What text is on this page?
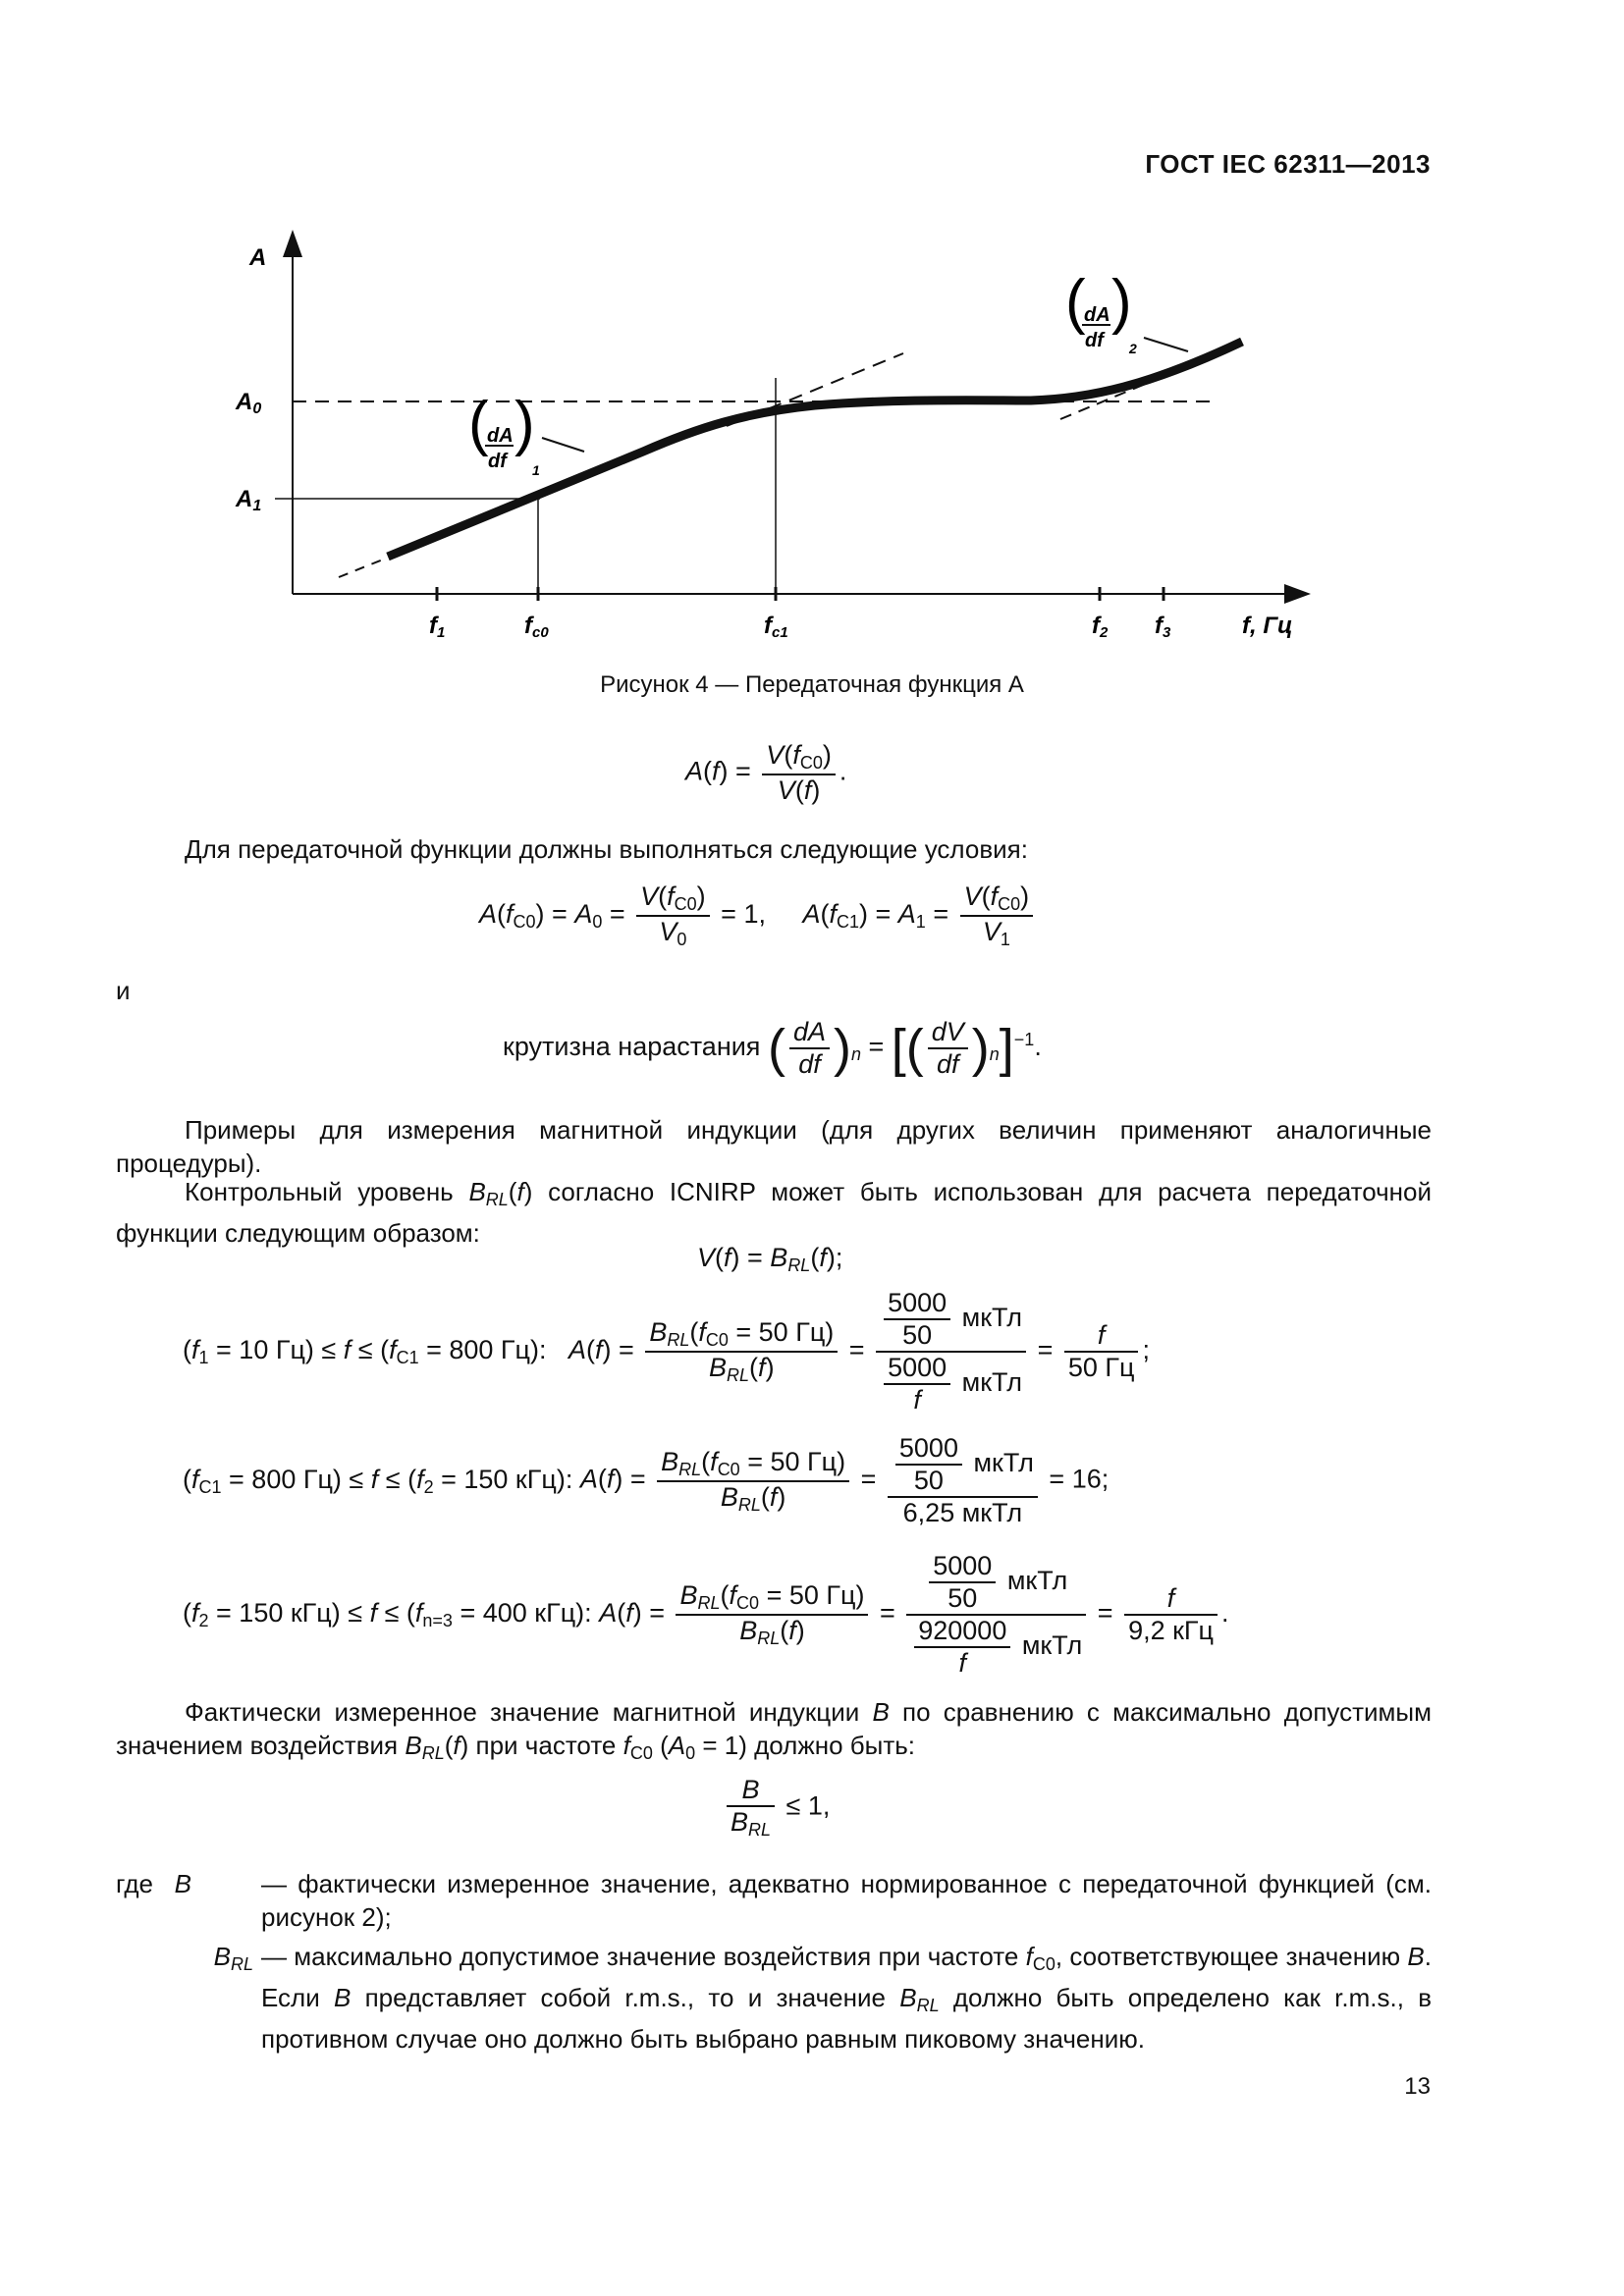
ГОСТ IEC 62311—2013
A
A0
A1
(
dA
df
)
1
(
dA
df
)
2
f1	fc0	fc1	f2 f3	f, Гц
Рисунок 4 — Передаточная функция A
$A(f) = \frac{V(f_{C0})}{V(f)}$ .
Для передаточной функции должны выполняться следующие условия:
$A(f_{C0}) = A_0 = \frac{V(f_{C0})}{V_0} = 1$,     $A(f_{C1}) = A_1 = \frac{V(f_{C0})}{V_1}$
и
крутизна нарастания ( $\frac{dA}{df} )_n$ = [( $\frac{dV}{df} )_n]^{-1}$.
Примеры для измерения магнитной индукции (для других величин применяют аналогичные процедуры).
Контрольный уровень $B_{RL}(f)$ согласно ICNIRP может быть использован для расчета передаточной функции следующим образом:
$V(f) = B_{RL}(f)$;
($f_1 = 10$ $Гц) \le f \le (f_{C1} = 800$ Гц): $A(f) = \frac{B_{RL}(f_{C0} = 50 Гц)}{B_{RL}(f)} = \frac{\frac{5000}{50} мкТл}{\frac{5000}{f} мкТл} = \frac{f}{50 Гц}$ ;
($f_{C1} = 800$ $Гц) \le f \le (f_2 = 150$ кГц): $A(f) = \frac{B_{RL}(f_{C0} = 50 Гц)}{B_{RL}(f)} = \frac{\frac{5000}{50} мкТл}{\text{6,25 мкТл}} = 16$;
($f_2 = 150$ $кГц) \le f \le (f_{n=3} = 400$ кГц): $A(f) = \frac{B_{RL}(f_{C0} = 50 Гц)}{B_{RL}(f)} = \frac{\frac{5000}{50} мкТл}{\frac{920000}{f} мкТл} = \frac{f}{\text{9,2 кГц}}$ .
Фактически измеренное значение магнитной индукции B по сравнению с максимально допустимым значением воздействия $B_{RL}(f)$ при частоте $f_{C0}$ $(A_0 = 1)$ должно быть:
$\frac{B}{B_{RL}} \le 1$,
где B	— фактически измеренное значение, адекватно нормированное с передаточной функцией (см. рисунок 2);
$B_{RL}$ — максимально допустимое значение воздействия при частоте $f_{C0}$, соответствующее значению B. Если B представляет собой r.m.s., то и значение $B_{RL}$ должно быть определено как r.m.s., в противном случае оно должно быть выбрано равным пиковому значению.
13
